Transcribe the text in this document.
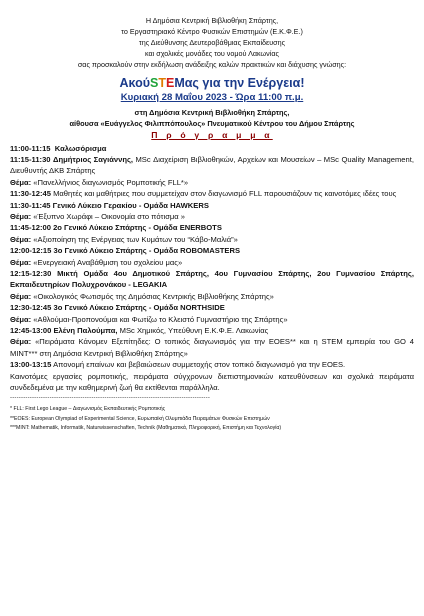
Η Δημόσια Κεντρική Βιβλιοθήκη Σπάρτης,
το Εργαστηριακό Κέντρο Φυσικών Επιστημών (Ε.Κ.Φ.Ε.)
της Διεύθυνσης Δευτεροβάθμιας Εκπαίδευσης
και σχολικές μονάδες του νομού Λακωνίας
σας προσκαλούν στην εκδήλωση ανάδειξης καλών πρακτικών και διάχυσης γνώσης:
ΑκούSTEMας για την Ενέργεια!
Κυριακή 28 Μαΐου 2023 - Ώρα 11:00 π.μ.
στη Δημόσια Κεντρική Βιβλιοθήκη Σπάρτης,
αίθουσα «Ευάγγελος Φιλιππόπουλος» Πνευματικού Κέντρου του Δήμου Σπάρτης
Π ρ ό γ ρ α μ μ α

11:00-11:15 Καλωσόρισμα

11:15-11:30 Δημήτριος Σαγιάννης, MSc Διαχείριση Βιβλιοθηκών, Αρχείων και Μουσείων – MSc Quality Management, Διευθυντής ΔΚΒ Σπάρτης

Θέμα: «Πανελλήνιος διαγωνισμός Ρομποτικής FLL*»

11:30-12:45 Μαθητές και μαθήτριες που συμμετείχαν στον διαγωνισμό FLL παρουσιάζουν τις καινοτόμες ιδέες τους

11:30-11:45 Γενικό Λύκειο Γερακίου - Ομάδα HAWKERS

Θέμα: «Έξυπνο Χωράφι – Οικονομία στο πότισμα »

11:45-12:00 2ο Γενικό Λύκειο Σπάρτης - Ομάδα ENERBOTS

Θέμα: «Αξιοποίηση της Ενέργειας των Κυμάτων του “Κάβο-Μαλιά”»

12:00-12:15 3ο Γενικό Λύκειο Σπάρτης - Ομάδα ROBOMASTERS

Θέμα: «Ενεργειακή Αναβάθμιση του σχολείου μας»

12:15-12:30 Μικτή Ομάδα 4ου Δημοτικού Σπάρτης, 4ου Γυμνασίου Σπάρτης, 2ου Γυμνασίου Σπάρτης, Εκπαιδευτηρίων Πολυχρονάκου - LEGAKIA

Θέμα: «Οικολογικός Φωτισμός της Δημόσιας Κεντρικής Βιβλιοθήκης Σπάρτης»

12:30-12:45 3ο Γενικό Λύκειο Σπάρτης - Ομάδα NORTHSIDE

Θέμα: «Αθλούμαι-Προπονούμαι και Φωτίζω το Κλειστό Γυμναστήριο της Σπάρτης»

12:45-13:00 Ελένη Παλούμπα, MSc Χημικός, Υπεύθυνη Ε.Κ.Φ.Ε. Λακωνίας

Θέμα: «Πειράματα Κάνομεν Εξ​επίτηδες: Ο τοπικός διαγωνισμός για την EOES** και η STEM εμπειρία του GO 4 MINT*** στη Δημόσια Κεντρική Βιβλιοθήκη Σπάρτης»

13:00-13:15 Απονομή επαίνων και βεβαιώσεων συμμετοχής στον τοπικό διαγωνισμό για την EOES.

Καινοτόμες εργασίες ρομποτικής, πειράματα σύγχρονων διεπιστημονικών κατευθύνσεων και σχολικά πειράματα συνδεδεμένα με την καθημερινή ζωή θα εκτίθενται παράλληλα.

-------------------------------------------------------------------------------------------
* FLL: First Lego League – Διαγωνισμός Εκπαιδευτικής Ρομποτικής
**EOES: European Olympiad of Experimental Science, Ευρωπαϊκή Ολυμπιάδα Πειραμάτων Φυσικών Επιστημών
***MINT: Mathematik, Informatik, Naturwissenschaften, Technik (Μαθηματικά, Πληροφορική, Επιστήμη και Τεχνολογία)
